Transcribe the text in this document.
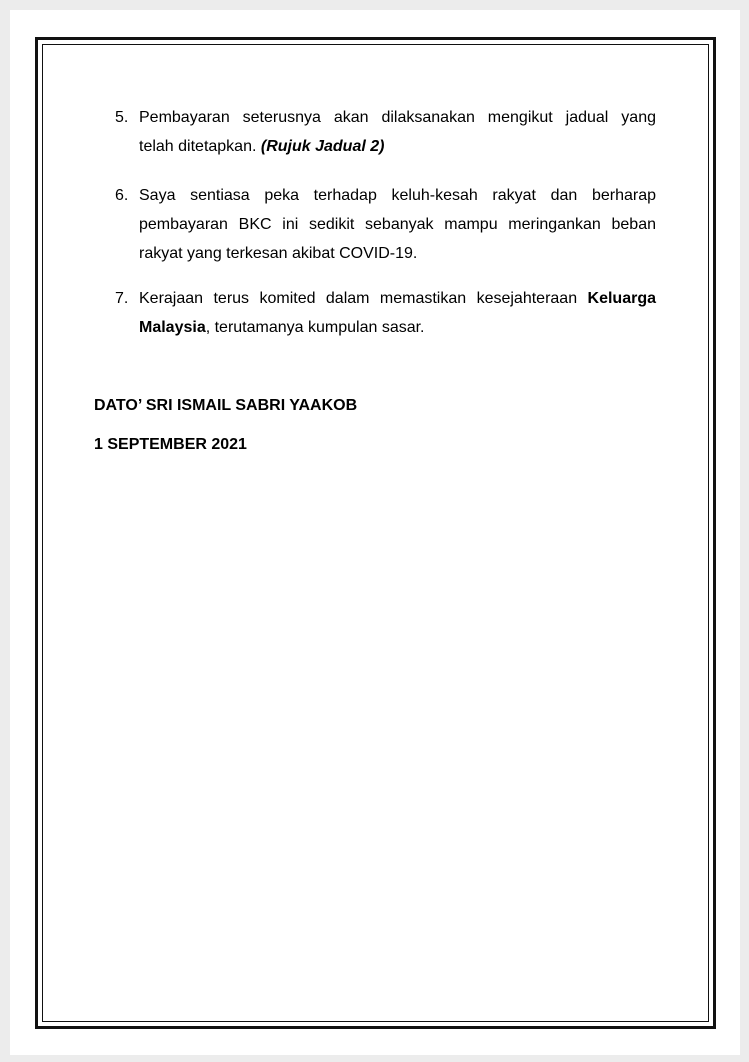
5. Pembayaran seterusnya akan dilaksanakan mengikut jadual yang
telah ditetapkan. (Rujuk Jadual 2)
6. Saya sentiasa peka terhadap keluh-kesah rakyat dan berharap
pembayaran BKC ini sedikit sebanyak mampu meringankan beban
rakyat yang terkesan akibat COVID-19.
7. Kerajaan terus komited dalam memastikan kesejahteraan Keluarga
Malaysia, terutamanya kumpulan sasar.
DATO’ SRI ISMAIL SABRI YAAKOB
1 SEPTEMBER 2021
